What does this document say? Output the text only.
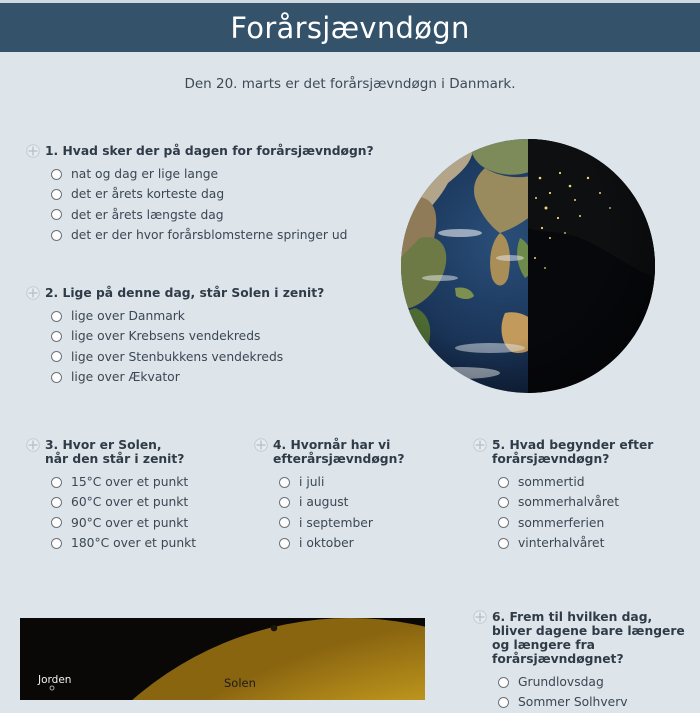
Forårsjævndøgn
Den 20. marts er det forårsjævndøgn i Danmark.
1. Hvad sker der på dagen for forårsjævndøgn?
nat og dag er lige lange
det er årets korteste dag
det er årets længste dag
det er der hvor forårsblomsterne springer ud
2. Lige på denne dag, står Solen i zenit?
lige over Danmark
lige over Krebsens vendekreds
lige over Stenbukkens vendekreds
lige over Ækvator
3. Hvor er Solen,
når den står i zenit?
15°C over et punkt
60°C over et punkt
90°C over et punkt
180°C over et punkt
4. Hvornår har vi
efterårsjævndøgn?
i juli
i august
i september
i oktober
5. Hvad begynder efter
forårsjævndøgn?
sommertid
sommerhalvåret
sommerferien
vinterhalvåret
Jorden	Solen
6. Frem til hvilken dag,
bliver dagene bare længere
og længere fra
forårsjævndøgnet?
Grundlovsdag
Sommer Solhverv
